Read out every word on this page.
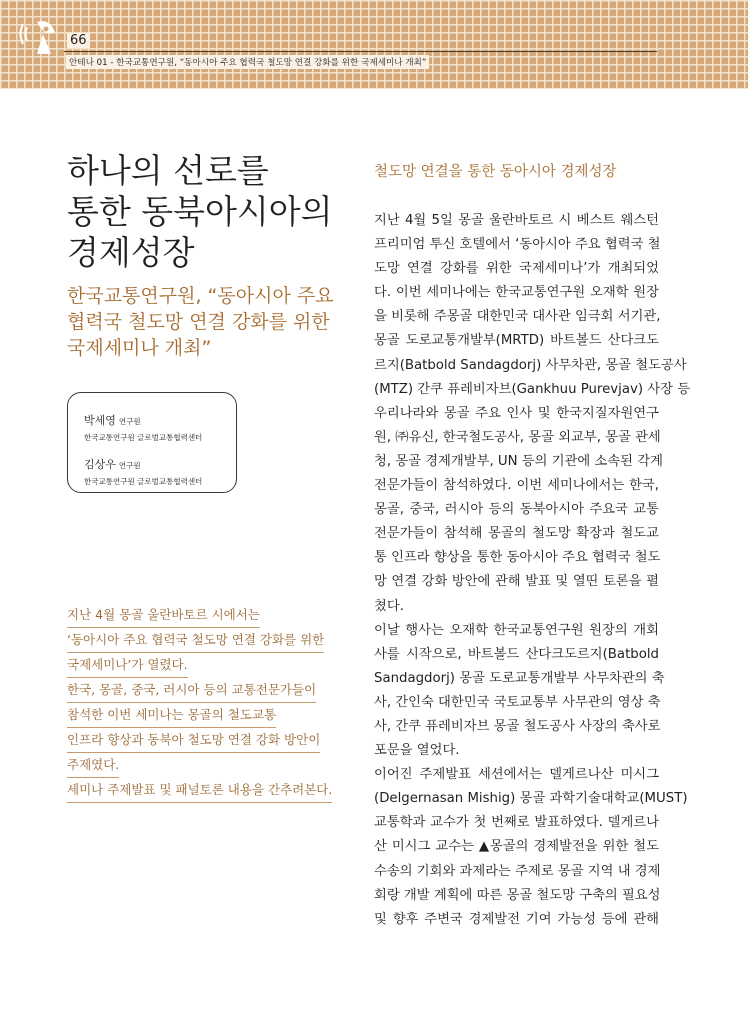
66
안테나 01 - 한국교통연구원, “동아시아 주요 협력국 철도망 연결 강화를 위한 국제세미나 개최”
하나의 선로를
통한 동북아시아의
경제성장
한국교통연구원, “동아시아 주요
협력국 철도망 연결 강화를 위한
국제세미나 개최”
박세영 연구원
한국교통연구원 글로벌교통협력센터
김상우 연구원
한국교통연구원 글로벌교통협력센터
지난 4월 몽골 울란바토르 시에서는
‘동아시아 주요 협력국 철도망 연결 강화를 위한
국제세미나’가 열렸다.
한국, 몽골, 중국, 러시아 등의 교통전문가들이
참석한 이번 세미나는 몽골의 철도교통
인프라 향상과 동북아 철도망 연결 강화 방안이
주제였다.
세미나 주제발표 및 패널토론 내용을 간추려본다.
철도망 연결을 통한 동아시아 경제성장
지난 4월 5일 몽골 울란바토르 시 베스트 웨스턴
프리미엄 투신 호텔에서 ‘동아시아 주요 협력국 철
도망 연결 강화를 위한 국제세미나’가 개최되었
다. 이번 세미나에는 한국교통연구원 오재학 원장
을 비롯해 주몽골 대한민국 대사관 임극회 서기관,
몽골 도로교통개발부(MRTD) 바트볼드 산다크도
르지(Batbold Sandagdorj) 사무차관, 몽골 철도공사
(MTZ) 간쿠 퓨레비자브(Gankhuu Purevjav) 사장 등
우리나라와 몽골 주요 인사 및 한국지질자원연구
원, ㈜유신, 한국철도공사, 몽골 외교부, 몽골 관세
청, 몽골 경제개발부, UN 등의 기관에 소속된 각계
전문가들이 참석하였다. 이번 세미나에서는 한국,
몽골, 중국, 러시아 등의 동북아시아 주요국 교통
전문가들이 참석해 몽골의 철도망 확장과 철도교
통 인프라 향상을 통한 동아시아 주요 협력국 철도
망 연결 강화 방안에 관해 발표 및 열띤 토론을 펼
쳤다.
이날 행사는 오재학 한국교통연구원 원장의 개회
사를 시작으로, 바트볼드 산다크도르지(Batbold
Sandagdorj) 몽골 도로교통개발부 사무차관의 축
사, 간인숙 대한민국 국토교통부 사무관의 영상 축
사, 간쿠 퓨레비자브 몽골 철도공사 사장의 축사로
포문을 열었다.
이어진 주제발표 세션에서는 델게르나산 미시그
(Delgernasan Mishig) 몽골 과학기술대학교(MUST)
교통학과 교수가 첫 번째로 발표하였다. 델게르나
산 미시그 교수는 ▲몽골의 경제발전을 위한 철도
수송의 기회와 과제라는 주제로 몽골 지역 내 경제
회랑 개발 계획에 따른 몽골 철도망 구축의 필요성
및 향후 주변국 경제발전 기여 가능성 등에 관해
